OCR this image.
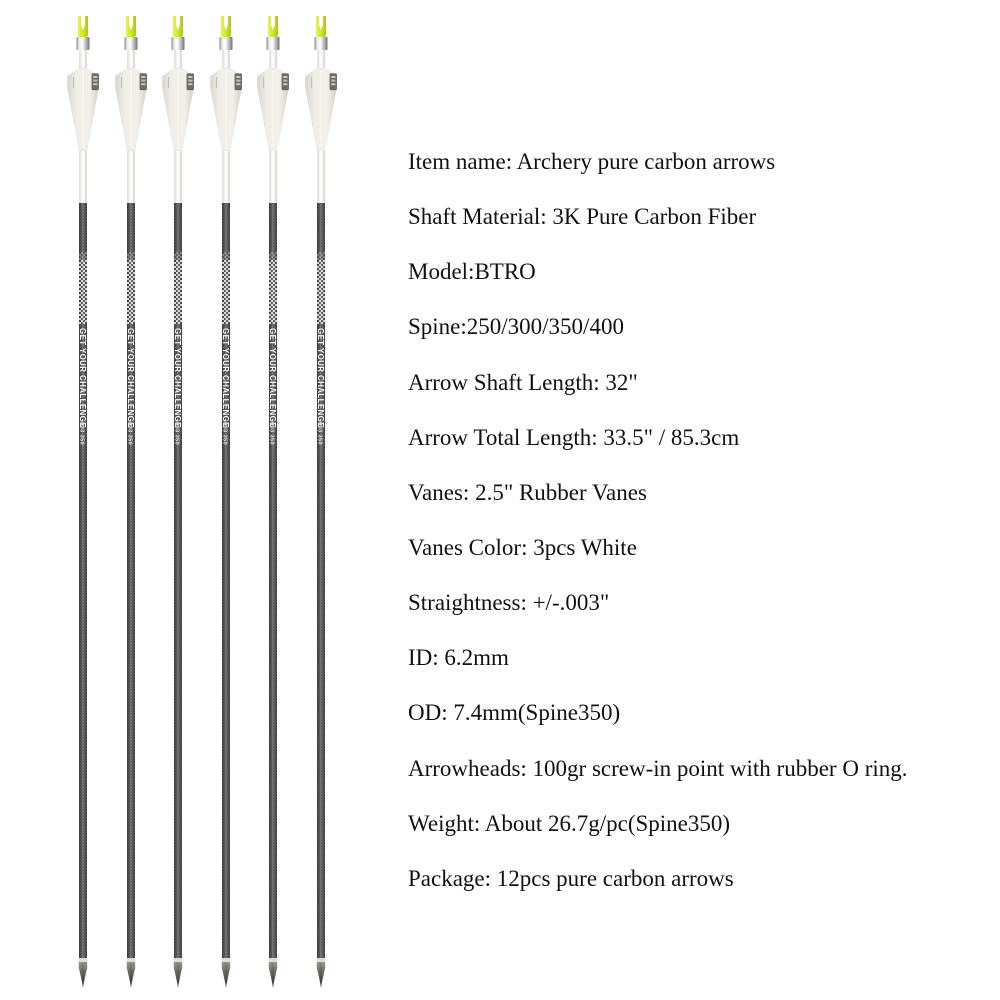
GET YOUR CHALLENGE
003 350
GET YOUR CHALLENGE
003 350
GET YOUR CHALLENGE
003 350
GET YOUR CHALLENGE
003 350
GET YOUR CHALLENGE
003 350
GET YOUR CHALLENGE
003 350
Item name: Archery pure carbon arrows
Shaft Material: 3K Pure Carbon Fiber
Model:BTRO
Spine:250/300/350/400
Arrow Shaft Length: 32"
Arrow Total Length: 33.5" / 85.3cm
Vanes: 2.5" Rubber Vanes
Vanes Color: 3pcs White
Straightness: +/-.003"
ID: 6.2mm
OD: 7.4mm(Spine350)
Arrowheads: 100gr screw-in point with rubber O ring.
Weight: About 26.7g/pc(Spine350)
Package: 12pcs pure carbon arrows
